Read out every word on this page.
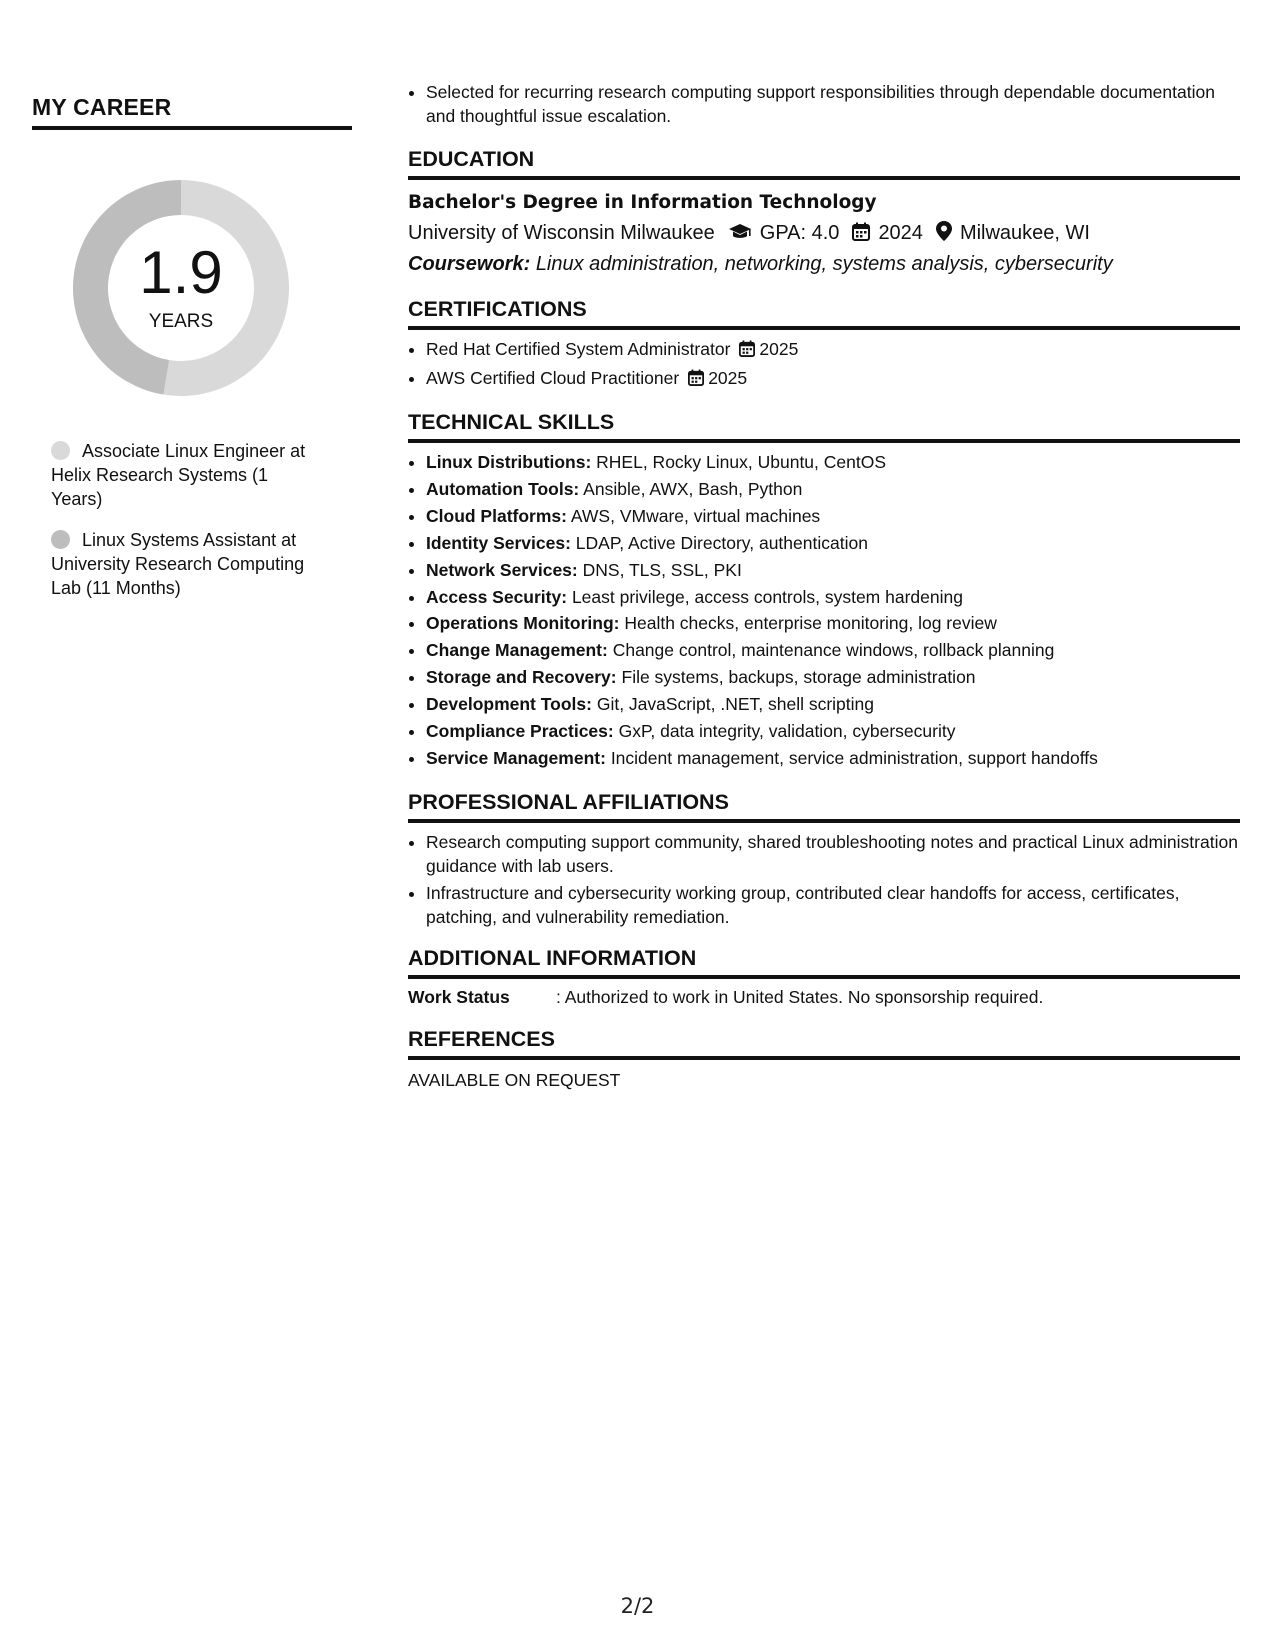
MY CAREER
1.9
YEARS
Associate Linux Engineer at Helix Research Systems (1 Years)
Linux Systems Assistant at University Research Computing Lab (11 Months)
• Selected for recurring research computing support responsibilities through dependable documentation and thoughtful issue escalation.
EDUCATION
Bachelor's Degree in Information Technology
University of Wisconsin Milwaukee GPA: 4.0 2024 Milwaukee, WI
Coursework: Linux administration, networking, systems analysis, cybersecurity
CERTIFICATIONS
• Red Hat Certified System Administrator 2025
• AWS Certified Cloud Practitioner 2025
TECHNICAL SKILLS
• Linux Distributions: RHEL, Rocky Linux, Ubuntu, CentOS
• Automation Tools: Ansible, AWX, Bash, Python
• Cloud Platforms: AWS, VMware, virtual machines
• Identity Services: LDAP, Active Directory, authentication
• Network Services: DNS, TLS, SSL, PKI
• Access Security: Least privilege, access controls, system hardening
• Operations Monitoring: Health checks, enterprise monitoring, log review
• Change Management: Change control, maintenance windows, rollback planning
• Storage and Recovery: File systems, backups, storage administration
• Development Tools: Git, JavaScript, .NET, shell scripting
• Compliance Practices: GxP, data integrity, validation, cybersecurity
• Service Management: Incident management, service administration, support handoffs
PROFESSIONAL AFFILIATIONS
• Research computing support community, shared troubleshooting notes and practical Linux administration guidance with lab users.
• Infrastructure and cybersecurity working group, contributed clear handoffs for access, certificates, patching, and vulnerability remediation.
ADDITIONAL INFORMATION
Work Status	: Authorized to work in United States. No sponsorship required.
REFERENCES
AVAILABLE ON REQUEST
2/2
